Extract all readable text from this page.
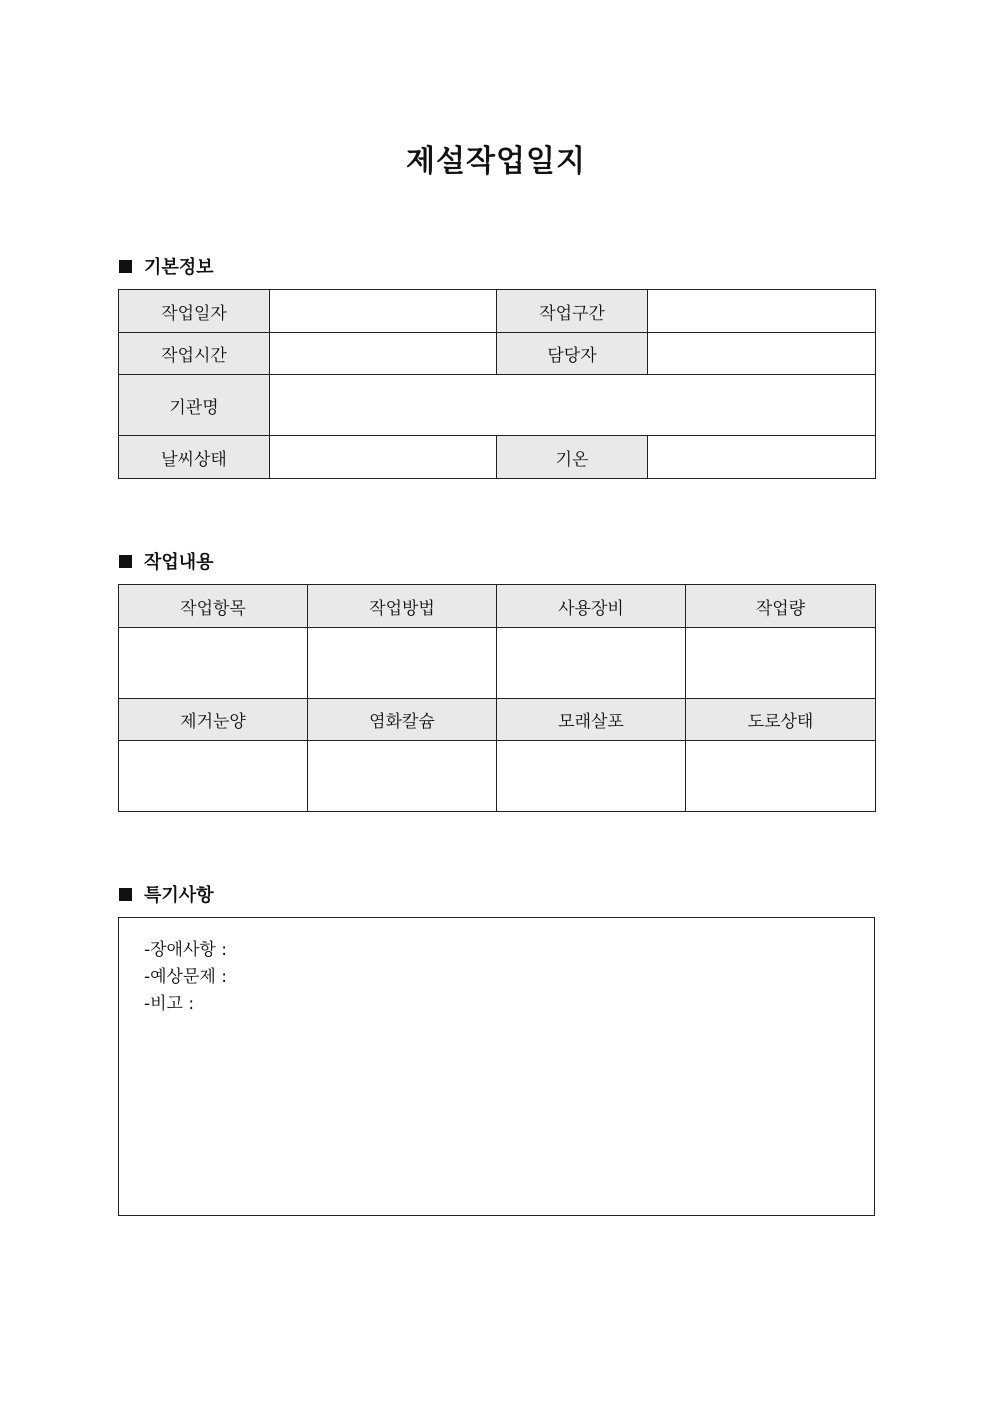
제설작업일지
기본정보
작업일자		작업구간	
작업시간		담당자	
기관명			
날씨상태		기온	
작업내용
작업항목	작업방법	사용장비	작업량

제거눈양	염화칼슘	모래살포	도로상태

특기사항
-장애사항 :
-예상문제 :
-비고 :
